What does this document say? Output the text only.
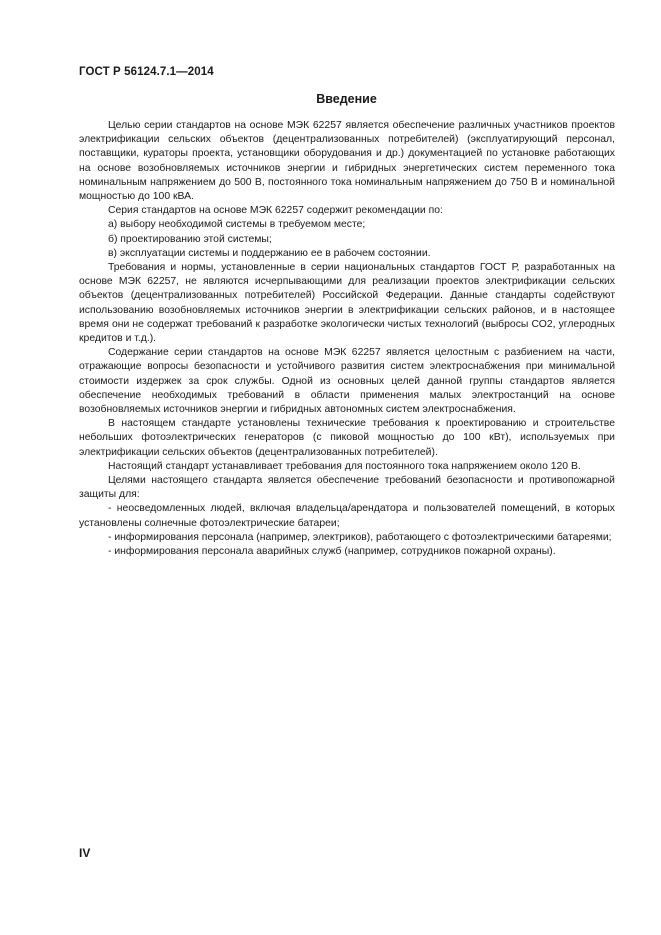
ГОСТ Р 56124.7.1—2014
Введение

Целью серии стандартов на основе МЭК 62257 является обеспечение различных участников проектов электрификации сельских объектов (децентрализованных потребителей) (эксплуатирующий персонал, поставщики, кураторы проекта, установщики оборудования и др.) документацией по установке работающих на основе возобновляемых источников энергии и гибридных энергетических систем переменного тока номинальным напряжением до 500 В, постоянного тока номинальным напряжением до 750 В и номинальной мощностью до 100 кВА.

Серия стандартов на основе МЭК 62257 содержит рекомендации по:

а) выбору необходимой системы в требуемом месте;

б) проектированию этой системы;

в) эксплуатации системы и поддержанию ее в рабочем состоянии.

Требования и нормы, установленные в серии национальных стандартов ГОСТ Р, разработанных на основе МЭК 62257, не являются исчерпывающими для реализации проектов электрификации сельских объектов (децентрализованных потребителей) Российской Федерации. Данные стандарты содействуют использованию возобновляемых источников энергии в электрификации сельских районов, и в настоящее время они не содержат требований к разработке экологически чистых технологий (выбросы СО2, углеродных кредитов и т.д.).

Содержание серии стандартов на основе МЭК 62257 является целостным с разбиением на части, отражающие вопросы безопасности и устойчивого развития систем электроснабжения при минимальной стоимости издержек за срок службы. Одной из основных целей данной группы стандартов является обеспечение необходимых требований в области применения малых электростанций на основе возобновляемых источников энергии и гибридных автономных систем электроснабжения.

В настоящем стандарте установлены технические требования к проектированию и строительстве небольших фотоэлектрических генераторов (с пиковой мощностью до 100 кВт), используемых при электрификации сельских объектов (децентрализованных потребителей).

Настоящий стандарт устанавливает требования для постоянного тока напряжением около 120 В.

Целями настоящего стандарта является обеспечение требований безопасности и противопожарной защиты для:

- неосведомленных людей, включая владельца/арендатора и пользователей помещений, в которых установлены солнечные фотоэлектрические батареи;

- информирования персонала (например, электриков), работающего с фотоэлектрическими батареями;

- информирования персонала аварийных служб (например, сотрудников пожарной охраны).

IV
